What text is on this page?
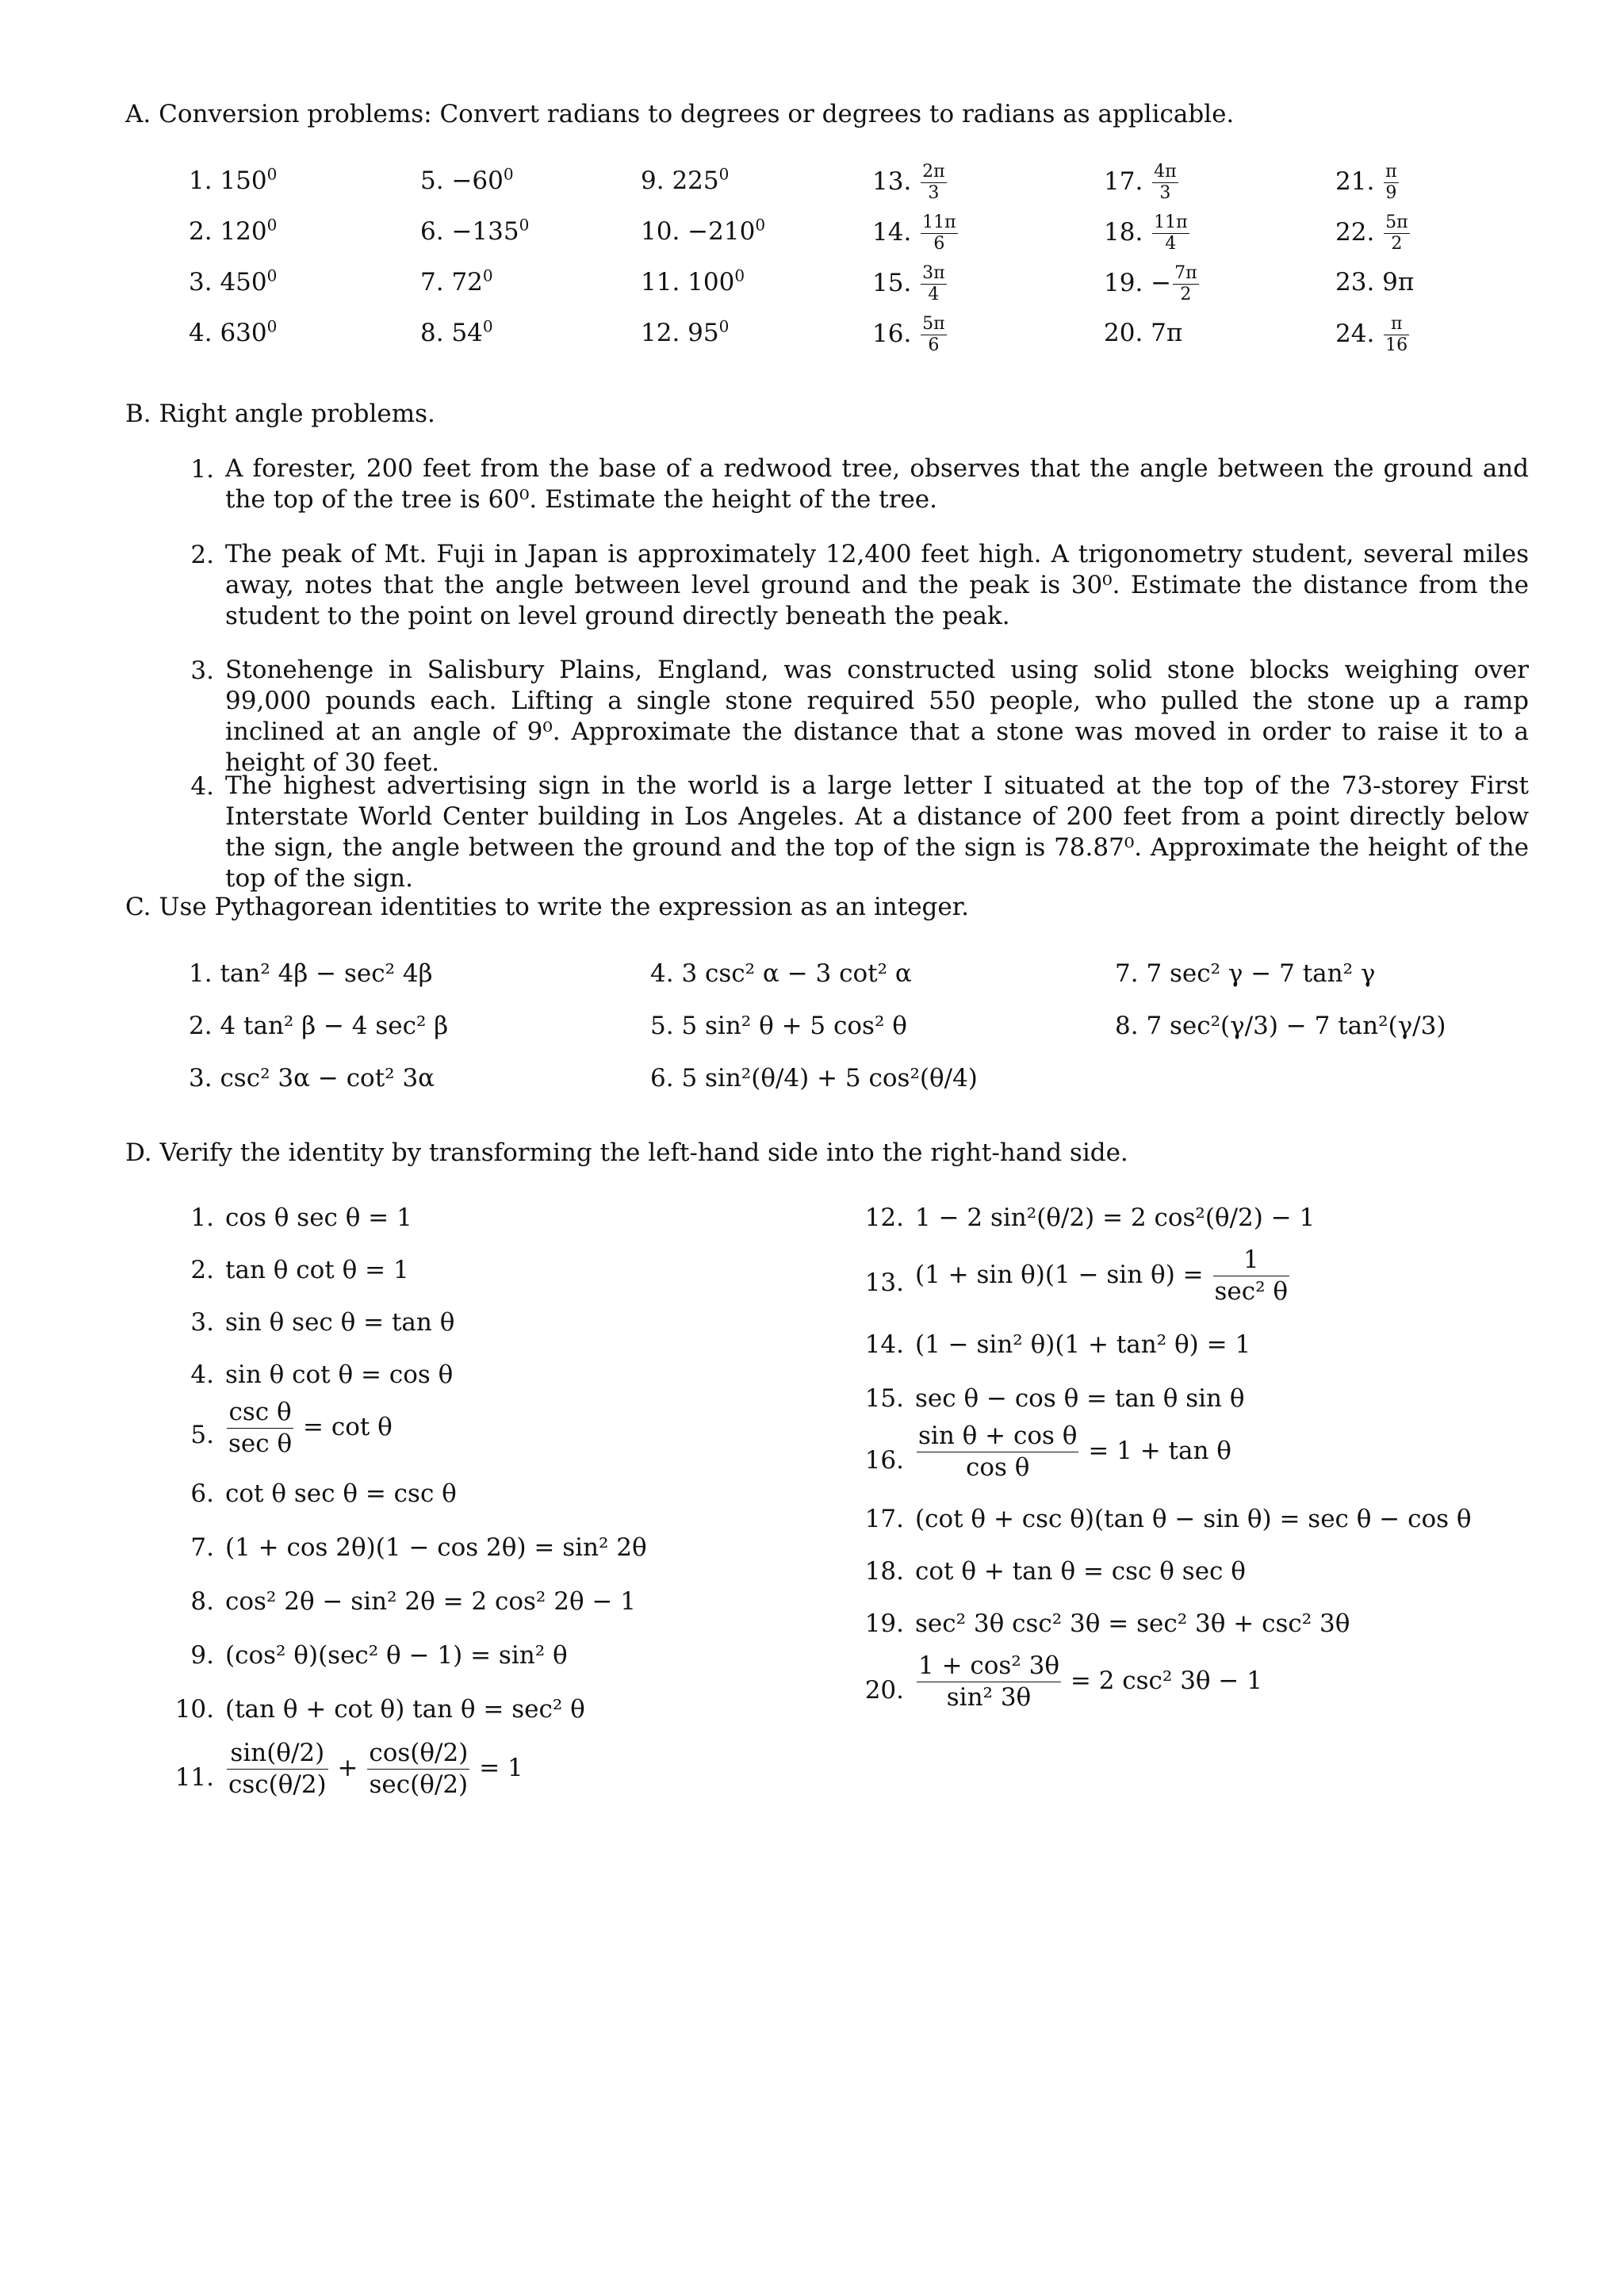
A. Conversion problems: Convert radians to degrees or degrees to radians as applicable.
1. $150^0$
2. $120^0$
3. $450^0$
4. $630^0$
5. $-60^0$
6. $-135^0$
7. $72^0$
8. $54^0$
9. $225^0$
10. $-210^0$
11. $100^0$
12. $95^0$
13. $\frac{2\pi}{3}$
14. $\frac{11\pi}{6}$
15. $\frac{3\pi}{4}$
16. $\frac{5\pi}{6}$
17. $\frac{4\pi}{3}$
18. $\frac{11\pi}{4}$
19. − $\frac{7\pi}{2}$
20. 7π
21. $\frac{\pi}{9}$
22. $\frac{5\pi}{2}$
23. 9π
24. $\frac{\pi}{16}$
B. Right angle problems.
1. A forester, 200 feet from the base of a redwood tree, observes that the angle between the ground and the top of the tree is 60⁰. Estimate the height of the tree.
2. The peak of Mt. Fuji in Japan is approximately 12,400 feet high. A trigonometry student, several miles away, notes that the angle between level ground and the peak is 30⁰. Estimate the distance from the student to the point on level ground directly beneath the peak.
3. Stonehenge in Salisbury Plains, England, was constructed using solid stone blocks weighing over 99,000 pounds each. Lifting a single stone required 550 people, who pulled the stone up a ramp inclined at an angle of 9⁰. Approximate the distance that a stone was moved in order to raise it to a height of 30 feet.
4. The highest advertising sign in the world is a large letter I situated at the top of the 73-storey First Interstate World Center building in Los Angeles. At a distance of 200 feet from a point directly below the sign, the angle between the ground and the top of the sign is 78.87⁰. Approximate the height of the top of the sign.
C. Use Pythagorean identities to write the expression as an integer.
1. tan² 4β − sec² 4β
2. 4 tan² β − 4 sec² β
3. csc² 3α − cot² 3α
4. 3 csc² α − 3 cot² α
5. 5 sin² θ + 5 cos² θ
6. 5 sin²(θ/4) + 5 cos²(θ/4)
7. 7 sec² γ − 7 tan² γ
8. 7 sec²(γ/3) − 7 tan²(γ/3)
D. Verify the identity by transforming the left-hand side into the right-hand side.
1. cos θ sec θ = 1
2. tan θ cot θ = 1
3. sin θ sec θ = tan θ
4. sin θ cot θ = cos θ
5. $\frac{\text{csc θ}}{\text{sec θ}} = \cot \theta$
6. cot θ sec θ = csc θ
7. (1 + cos 2θ)(1 − cos 2θ) = sin² 2θ
8. cos² 2θ − sin² 2θ = 2 cos² 2θ − 1
9. (cos² θ)(sec² θ − 1) = sin² θ
10. (tan θ + cot θ) tan θ = sec² θ
11. $\frac{\sin(\theta/2)}{\csc(\theta/2)} + \frac{\cos(\theta/2)}{\sec(\theta/2)} = 1$
12. 1 − 2 sin²(θ/2) = 2 cos²(θ/2) − 1
13. $(1 + \sin \theta)(1 - \sin \theta) = \frac{1}{\text{sec² θ}}$
14. (1 − sin² θ)(1 + tan² θ) = 1
15. sec θ − cos θ = tan θ sin θ
16. $\frac{\text{sin θ + cos θ}}{\text{cos θ}} = 1 + \tan \theta$
17. (cot θ + csc θ)(tan θ − sin θ) = sec θ − cos θ
18. cot θ + tan θ = csc θ sec θ
19. sec² 3θ csc² 3θ = sec² 3θ + csc² 3θ
20. $\frac{\text{1 + cos² 3θ}}{\text{sin² 3θ}} = 2$ csc² 3θ − 1
